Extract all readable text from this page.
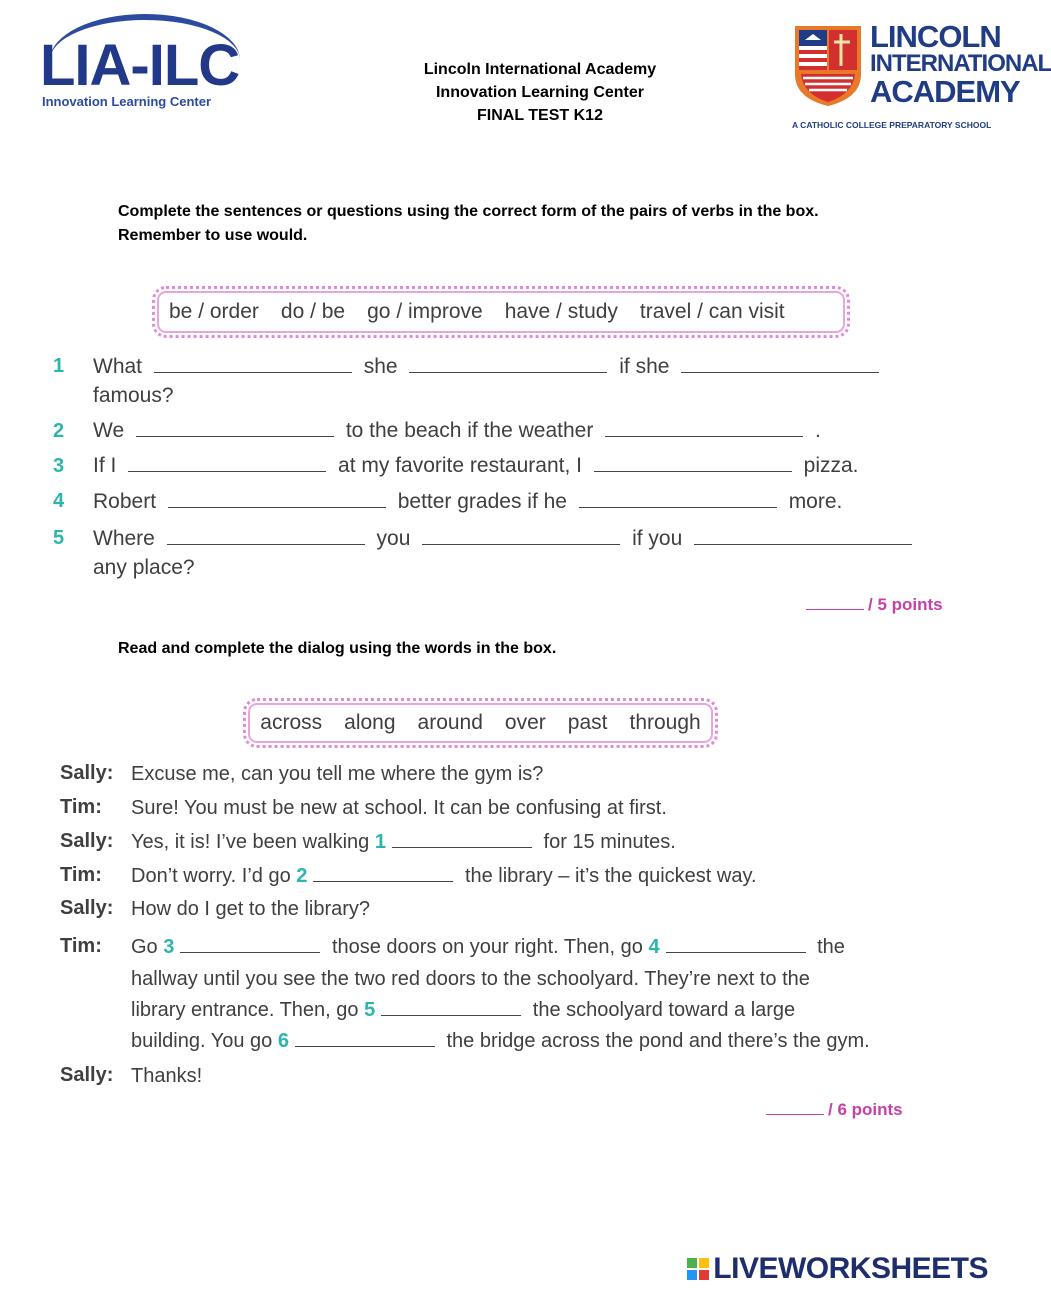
LIA-ILC
Innovation Learning Center
Lincoln International Academy
Innovation Learning Center
FINAL TEST K12
LINCOLN
INTERNATIONAL
ACADEMY
A CATHOLIC COLLEGE PREPARATORY SCHOOL
Complete the sentences or questions using the correct form of the pairs of verbs in the box. Remember to use would.
be / order do / be go / improve have / study travel / can visit
1 What	she	if she
famous?
2 We	to the beach if the weather	.
3 If I	at my favorite restaurant, I	pizza.
4 Robert	better grades if he	more.
5 Where	you	if you
any place?
/ 5 points
Read and complete the dialog using the words in the box.
across along around over past through
Sally: Excuse me, can you tell me where the gym is?
Tim: Sure! You must be new at school. It can be confusing at first.
Sally: Yes, it is! I’ve been walking 1	for 15 minutes.
Tim: Don’t worry. I’d go 2	the library – it’s the quickest way.
Sally: How do I get to the library?
Tim: Go 3	those doors on your right. Then, go 4	the
hallway until you see the two red doors to the schoolyard. They’re next to the
library entrance. Then, go 5	the schoolyard toward a large
building. You go 6	the bridge across the pond and there’s the gym.
Sally: Thanks!
/ 6 points
LIVEWORKSHEETS
